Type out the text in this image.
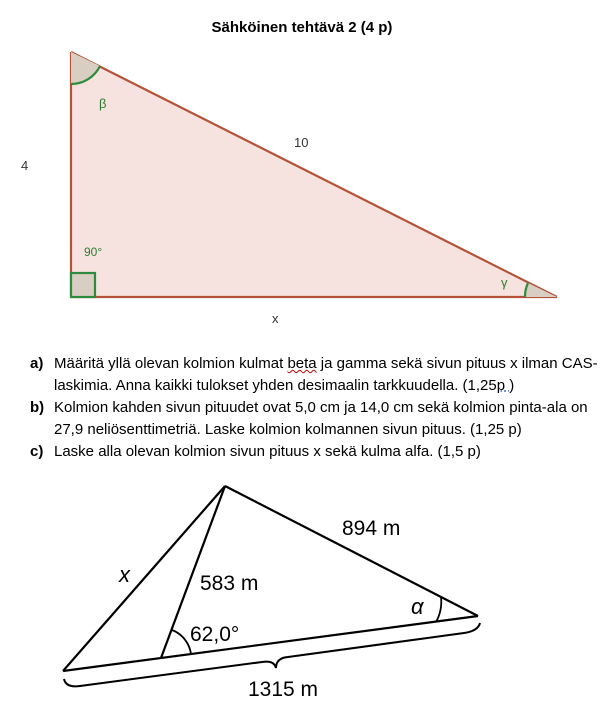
Sähköinen tehtävä 2 (4 p)
4
10
x
β
90°
γ
x	583 m
894 m
62,0°
α
1315 m
a) Määritä yllä olevan kolmion kulmat beta ja gamma sekä sivun pituus x ilman CAS-laskimia. Anna kaikki tulokset yhden desimaalin tarkkuudella. (1,25p )
b) Kolmion kahden sivun pituudet ovat 5,0 cm ja 14,0 cm sekä kolmion pinta-ala on 27,9 neliösenttimetriä. Laske kolmion kolmannen sivun pituus. (1,25 p)
c) Laske alla olevan kolmion sivun pituus x sekä kulma alfa. (1,5 p)
